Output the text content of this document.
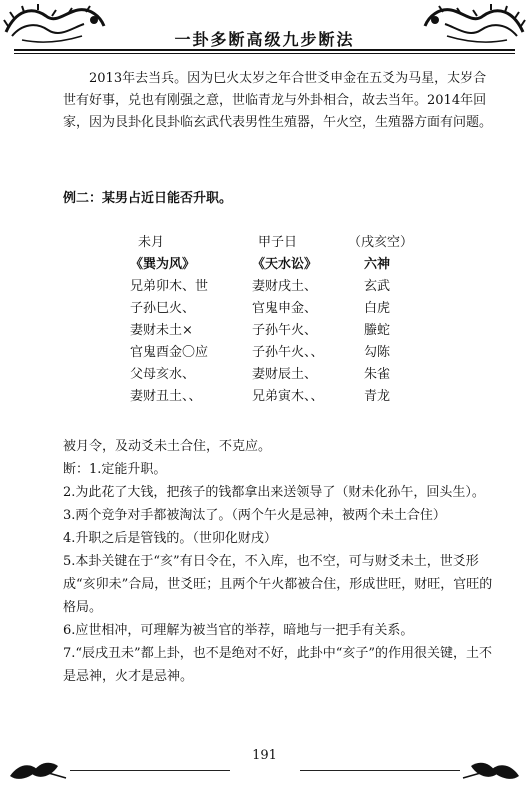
一卦多断高级九步断法

2013年去当兵。因为巳火太岁之年合世爻申金在五爻为马星，太岁合世有好事，兑也有刚强之意，世临青龙与外卦相合，故去当年。2014年回家，因为艮卦化艮卦临玄武代表男性生殖器，午火空，生殖器方面有问题。

例二：某男占近日能否升职。
未月	甲子日	（戌亥空）
《巽为风》	《天水讼》	六神
兄弟卯木、世	妻财戌土、	玄武
子孙巳火、	官鬼申金、	白虎
妻财未土×	子孙午火、	螣蛇
官鬼酉金〇应	子孙午火、、	勾陈
父母亥水、	妻财辰土、	朱雀
妻财丑土、、	兄弟寅木、、	青龙

被月令，及动爻未土合住，不克应。

断：1.定能升职。

2.为此花了大钱，把孩子的钱都拿出来送领导了（财未化孙午，回头生）。

3.两个竞争对手都被淘汰了。（两个午火是忌神，被两个未土合住）

4.升职之后是管钱的。（世卯化财戌）

5.本卦关键在于“亥”有日令在，不入库，也不空，可与财爻未土，世爻形成“亥卯未”合局，世爻旺；且两个午火都被合住，形成世旺，财旺，官旺的格局。

6.应世相冲，可理解为被当官的举荐，暗地与一把手有关系。

7.“辰戌丑未”都上卦，也不是绝对不好，此卦中“亥子”的作用很关键，土不是忌神，火才是忌神。

191
